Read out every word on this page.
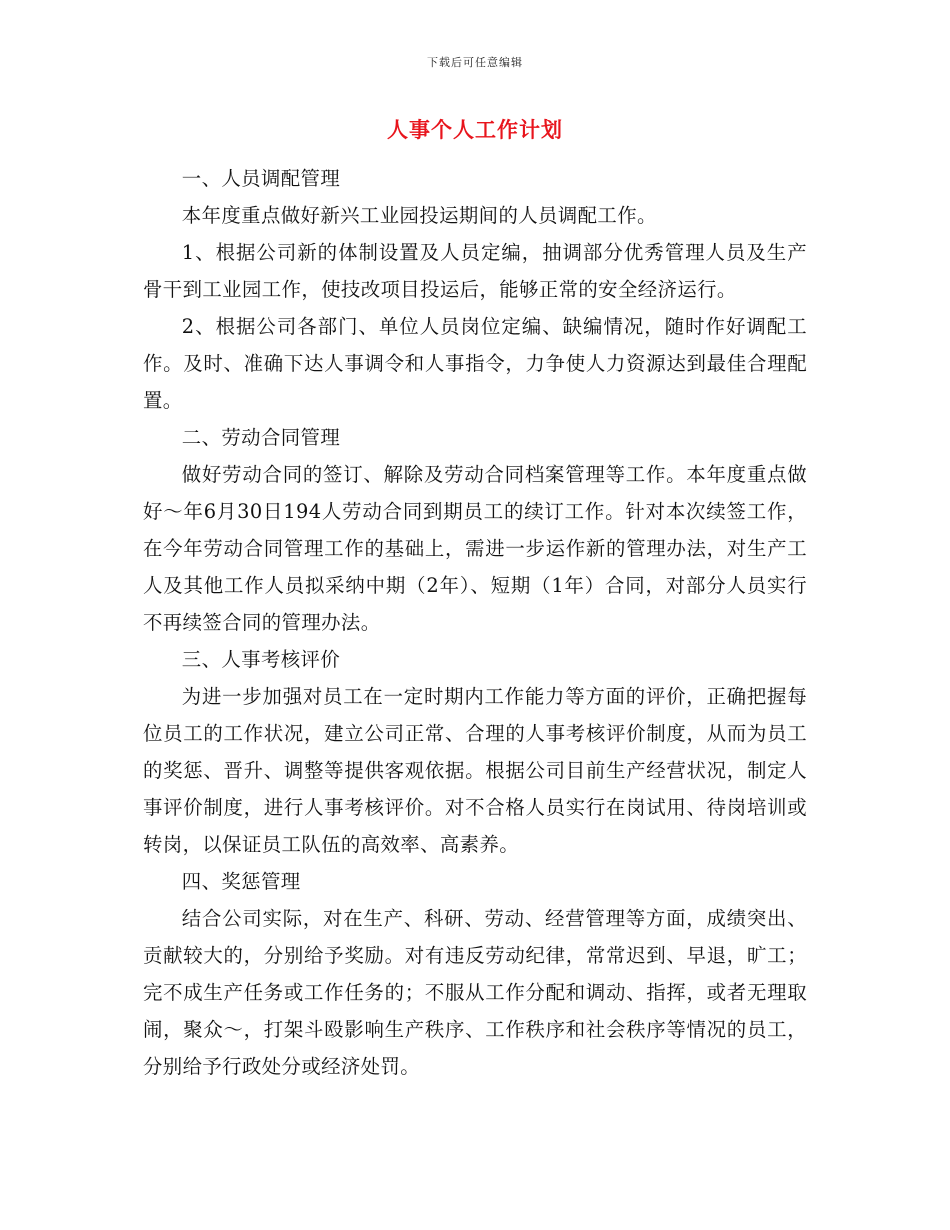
下载后可任意编辑
人事个人工作计划

一、人员调配管理

本年度重点做好新兴工业园投运期间的人员调配工作。

1、根据公司新的体制设置及人员定编，抽调部分优秀管理人员及生产骨干到工业园工作，使技改项目投运后，能够正常的安全经济运行。

2、根据公司各部门、单位人员岗位定编、缺编情况，随时作好调配工作。及时、准确下达人事调令和人事指令，力争使人力资源达到最佳合理配置。

二、劳动合同管理

做好劳动合同的签订、解除及劳动合同档案管理等工作。本年度重点做好～年6月30日194人劳动合同到期员工的续订工作。针对本次续签工作，在今年劳动合同管理工作的基础上，需进一步运作新的管理办法，对生产工人及其他工作人员拟采纳中期（2年）、短期（1年）合同，对部分人员实行不再续签合同的管理办法。

三、人事考核评价

为进一步加强对员工在一定时期内工作能力等方面的评价，正确把握每位员工的工作状况，建立公司正常、合理的人事考核评价制度，从而为员工的奖惩、晋升、调整等提供客观依据。根据公司目前生产经营状况，制定人事评价制度，进行人事考核评价。对不合格人员实行在岗试用、待岗培训或转岗，以保证员工队伍的高效率、高素养。

四、奖惩管理

结合公司实际，对在生产、科研、劳动、经营管理等方面，成绩突出、贡献较大的，分别给予奖励。对有违反劳动纪律，常常迟到、早退，旷工；完不成生产任务或工作任务的；不服从工作分配和调动、指挥，或者无理取闹，聚众～，打架斗殴影响生产秩序、工作秩序和社会秩序等情况的员工，分别给予行政处分或经济处罚。
